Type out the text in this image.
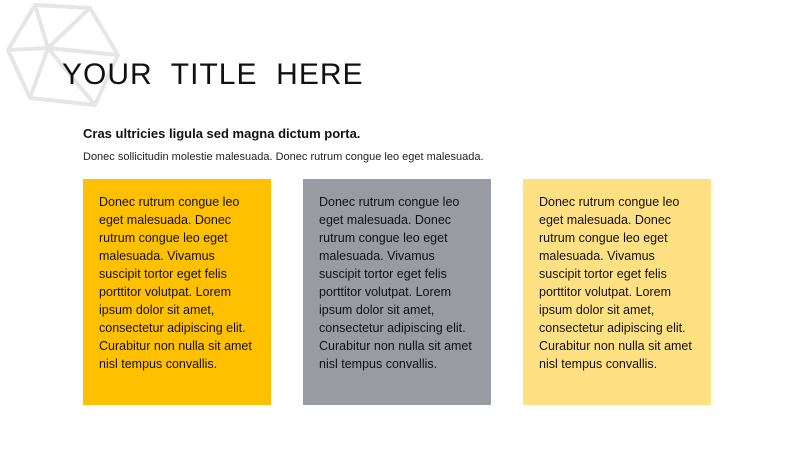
YOUR  TITLE  HERE
Cras ultricies ligula sed magna dictum porta.
Donec sollicitudin molestie malesuada. Donec rutrum congue leo eget malesuada.

Donec rutrum congue leo eget malesuada. Donec rutrum congue leo eget malesuada. Vivamus suscipit tortor eget felis porttitor volutpat. Lorem ipsum dolor sit amet, consectetur adipiscing elit. Curabitur non nulla sit amet nisl tempus convallis.

Donec rutrum congue leo eget malesuada. Donec rutrum congue leo eget malesuada. Vivamus suscipit tortor eget felis porttitor volutpat. Lorem ipsum dolor sit amet, consectetur adipiscing elit. Curabitur non nulla sit amet nisl tempus convallis.

Donec rutrum congue leo eget malesuada. Donec rutrum congue leo eget malesuada. Vivamus suscipit tortor eget felis porttitor volutpat. Lorem ipsum dolor sit amet, consectetur adipiscing elit. Curabitur non nulla sit amet nisl tempus convallis.
